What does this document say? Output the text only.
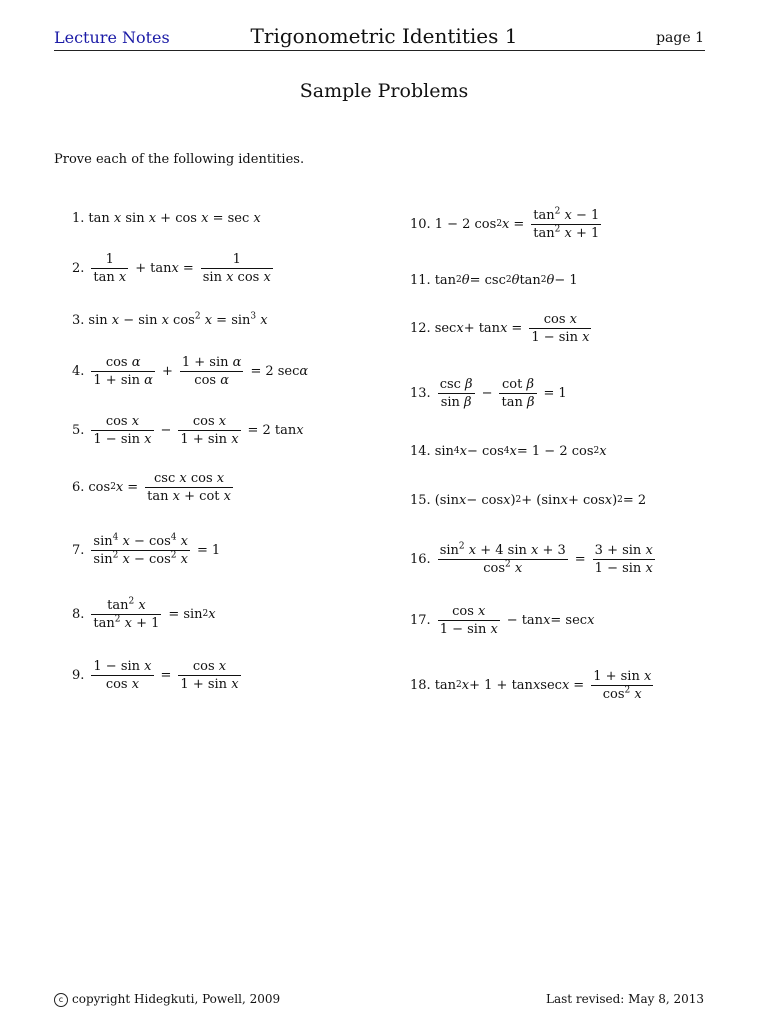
Lecture Notes	Trigonometric Identities 1	page 1
Sample Problems
Prove each of the following identities.
1. tan x sin x + cos x = sec x
2. $\frac{1}{\text{tan x}} + \tan x = \frac{1}{\text{sin x cos x}}$
3. sin x − sin x $\cos^2 x = \sin^3 x$
4. $\frac{\text{cos α}}{\text{1 + sin α}} + \frac{\text{1 + sin α}}{\text{cos α}} = 2$ sec α
5. $\frac{\text{cos x}}{\text{1 − sin x}} - \frac{\text{cos x}}{\text{1 + sin x}} = 2$ tan x
6. cos 2 $x = \frac{\text{csc x cos x}}{\text{tan x + cot x}}$
7. $\frac{\sin^4 x - \cos^4 x}{\sin^2 x - \cos^2 x} = 1$
8. $\frac{\tan^2 x}{\tan^2 x + 1} = \sin 2$ x
9. $\frac{\text{1 − sin x}}{\text{cos x}} = \frac{\text{cos x}}{\text{1 + sin x}}$
10. 1 − 2 cos 2 $x = \frac{\tan^2 x - 1}{\tan^2 x + 1}$
11. tan 2 θ = csc 2 θ tan 2 θ − 1
12. $\sec x + \tan x = \frac{\text{cos x}}{\text{1 − sin x}}$
13. $\frac{\text{csc β}}{\text{sin β}} - \frac{\text{cot β}}{\text{tan β}} = 1$
14. sin 4 x − cos 4 x = 1 − 2 cos 2 x
15. (sin x − cos x ) 2 + (sin x + cos x ) 2 = 2
16. $\frac{\sin^2 x + 4 \sin x + 3}{\cos^2 x} = \frac{\text{3 + sin x}}{\text{1 − sin x}}$
17. $\frac{\text{cos x}}{\text{1 − sin x}} - \tan x = \sec x$
18. tan 2 x + 1 + tan x $\sec x = \frac{\text{1 + sin x}}{\cos^2 x}$
c copyright Hidegkuti, Powell, 2009	Last revised: May 8, 2013
